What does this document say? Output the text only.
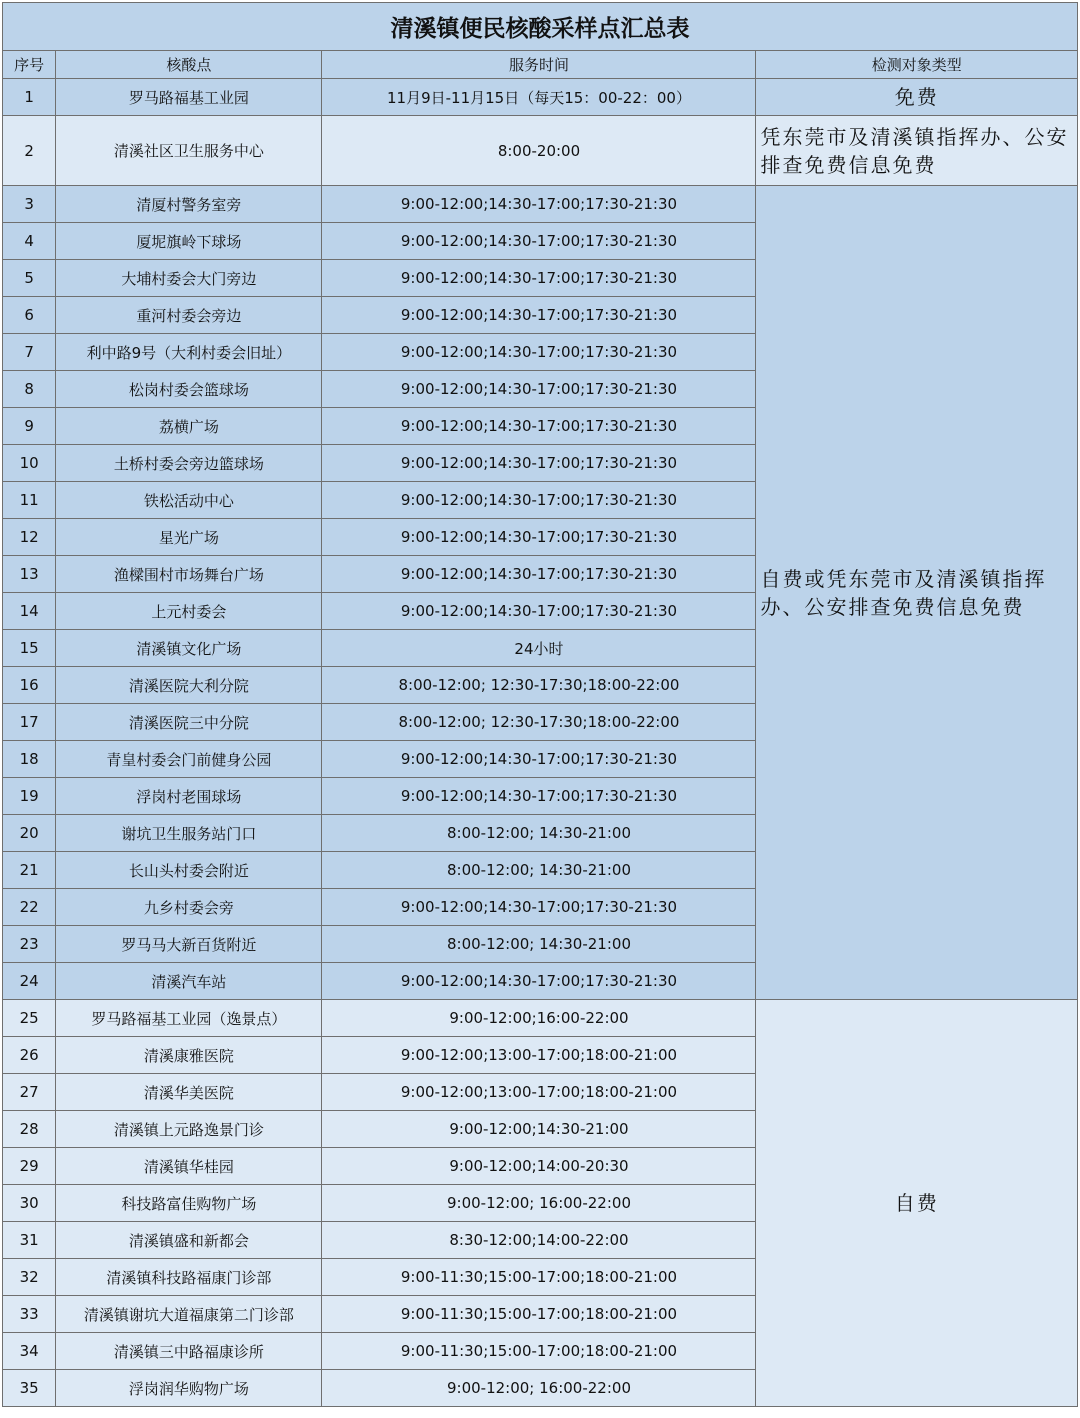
清溪镇便民核酸采样点汇总表			
序号	核酸点	服务时间	检测对象类型
1	罗马路福基工业园	11月9日-11月15日（每天15：00-22：00）	免费
2	清溪社区卫生服务中心	8:00-20:00	凭东莞市及清溪镇指挥办、公安排查免费信息免费
3	清厦村警务室旁	9:00-12:00;14:30-17:00;17:30-21:30	自费或凭东莞市及清溪镇指挥办、公安排查免费信息免费
4	厦坭旗岭下球场	9:00-12:00;14:30-17:00;17:30-21:30	
5	大埔村委会大门旁边	9:00-12:00;14:30-17:00;17:30-21:30	
6	重河村委会旁边	9:00-12:00;14:30-17:00;17:30-21:30	
7	利中路9号（大利村委会旧址）	9:00-12:00;14:30-17:00;17:30-21:30	
8	松岗村委会篮球场	9:00-12:00;14:30-17:00;17:30-21:30	
9	荔横广场	9:00-12:00;14:30-17:00;17:30-21:30	
10	土桥村委会旁边篮球场	9:00-12:00;14:30-17:00;17:30-21:30	
11	铁松活动中心	9:00-12:00;14:30-17:00;17:30-21:30	
12	星光广场	9:00-12:00;14:30-17:00;17:30-21:30	
13	渔樑围村市场舞台广场	9:00-12:00;14:30-17:00;17:30-21:30	
14	上元村委会	9:00-12:00;14:30-17:00;17:30-21:30	
15	清溪镇文化广场	24小时	
16	清溪医院大利分院	8:00-12:00; 12:30-17:30;18:00-22:00	
17	清溪医院三中分院	8:00-12:00; 12:30-17:30;18:00-22:00	
18	青皇村委会门前健身公园	9:00-12:00;14:30-17:00;17:30-21:30	
19	浮岗村老围球场	9:00-12:00;14:30-17:00;17:30-21:30	
20	谢坑卫生服务站门口	8:00-12:00; 14:30-21:00	
21	长山头村委会附近	8:00-12:00; 14:30-21:00	
22	九乡村委会旁	9:00-12:00;14:30-17:00;17:30-21:30	
23	罗马马大新百货附近	8:00-12:00; 14:30-21:00	
24	清溪汽车站	9:00-12:00;14:30-17:00;17:30-21:30	
25	罗马路福基工业园（逸景点）	9:00-12:00;16:00-22:00	自费
26	清溪康雅医院	9:00-12:00;13:00-17:00;18:00-21:00	
27	清溪华美医院	9:00-12:00;13:00-17:00;18:00-21:00	
28	清溪镇上元路逸景门诊	9:00-12:00;14:30-21:00	
29	清溪镇华桂园	9:00-12:00;14:00-20:30	
30	科技路富佳购物广场	9:00-12:00; 16:00-22:00	
31	清溪镇盛和新都会	8:30-12:00;14:00-22:00	
32	清溪镇科技路福康门诊部	9:00-11:30;15:00-17:00;18:00-21:00	
33	清溪镇谢坑大道福康第二门诊部	9:00-11:30;15:00-17:00;18:00-21:00	
34	清溪镇三中路福康诊所	9:00-11:30;15:00-17:00;18:00-21:00	
35	浮岗润华购物广场	9:00-12:00; 16:00-22:00	
